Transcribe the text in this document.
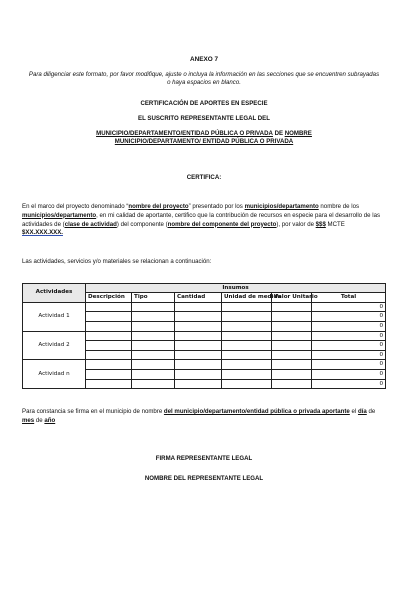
ANEXO 7
Para diligenciar este formato, por favor modifique, ajuste o incluya la información en las secciones que se encuentren subrayadas o haya espacios en blanco.
CERTIFICACIÓN DE APORTES EN ESPECIE
EL SUSCRITO REPRESENTANTE LEGAL DEL
MUNICIPIO/DEPARTAMENTO/ENTIDAD PÚBLICA O PRIVADA DE NOMBRE
MUNICIPIO/DEPARTAMENTO/ ENTIDAD PÚBLICA O PRIVADA
CERTIFICA:
En el marco del proyecto denominado “nombre del proyecto” presentado por los municipios/departamento nombre de los municipios/departamento, en mi calidad de aportante, certifico que la contribución de recursos en especie para el desarrollo de las actividades de (clase de actividad) del componente (nombre del componente del proyecto), por valor de $$$ MCTE $XX.XXX.XXX.
Las actividades, servicios y/o materiales se relacionan a continuación:
Actividades	Insumos					
	Descripción	Tipo	Cantidad	Unidad de medida	Valor Unitario	Total
Actividad 1						0
						0
						0
Actividad 2						0
						0
						0
Actividad n						0
						0
						0
Para constancia se firma en el municipio de nombre del municipio/departamento/entidad pública o privada aportante el día de mes de año
FIRMA REPRESENTANTE LEGAL
NOMBRE DEL REPRESENTANTE LEGAL
